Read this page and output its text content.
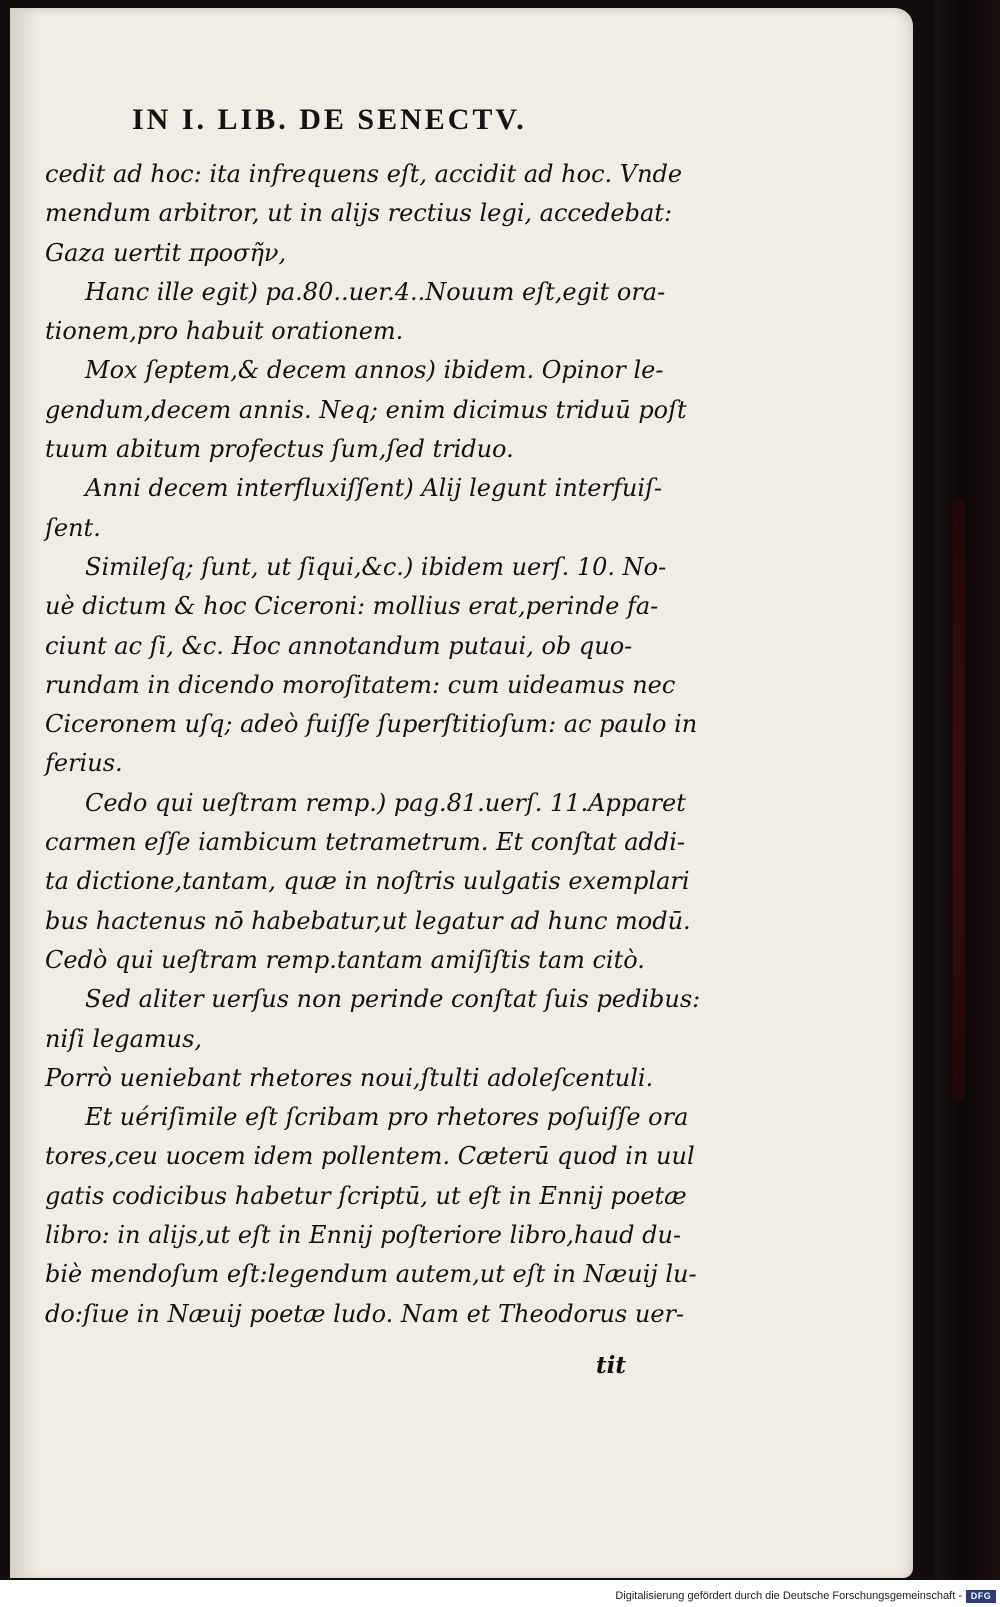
IN I. LIB. DE SENECTV.
cedit ad hoc: ita infrequens eſt, accidit ad hoc. Vnde
mendum arbitror, ut in alijs rectius legi, accedebat:
Gaza uertit προσῆν,
Hanc ille egit) pa.80..uer.4..Nouum eſt,egit ora-
tionem,pro habuit orationem.
Mox ſeptem,& decem annos) ibidem. Opinor le-
gendum,decem annis. Neq; enim dicimus triduū poſt
tuum abitum profectus ſum,ſed triduo.
Anni decem interfluxiſſent) Alij legunt interfuiſ-
ſent.
Simileſq; ſunt, ut ſiqui,&c.) ibidem uerſ. 10. No-
uè dictum & hoc Ciceroni: mollius erat,perinde fa-
ciunt ac ſi, &c. Hoc annotandum putaui, ob quo-
rundam in dicendo moroſitatem: cum uideamus nec
Ciceronem uſq; adeò fuiſſe ſuperſtitioſum: ac paulo in
ferius.
Cedo qui ueſtram remp.) pag.81.uerſ. 11.Apparet
carmen eſſe iambicum tetrametrum. Et conſtat addi-
ta dictione,tantam, quæ in noſtris uulgatis exemplari
bus hactenus nō habebatur,ut legatur ad hunc modū.
Cedò qui ueſtram remp.tantam amiſiſtis tam citò.
Sed aliter uerſus non perinde conſtat ſuis pedibus:
niſi legamus,
Porrò ueniebant rhetores noui,ſtulti adoleſcentuli.
Et uériſimile eſt ſcribam pro rhetores poſuiſſe ora
tores,ceu uocem idem pollentem. Cæterū quod in uul
gatis codicibus habetur ſcriptū, ut eſt in Ennij poetæ
libro: in alijs,ut eſt in Ennij poſteriore libro,haud du-
biè mendoſum eſt:legendum autem,ut eſt in Næuij lu-
do:ſiue in Næuij poetæ ludo. Nam et Theodorus uer-
tit
Digitalisierung gefördert durch die Deutsche Forschungsgemeinschaft - DFG
